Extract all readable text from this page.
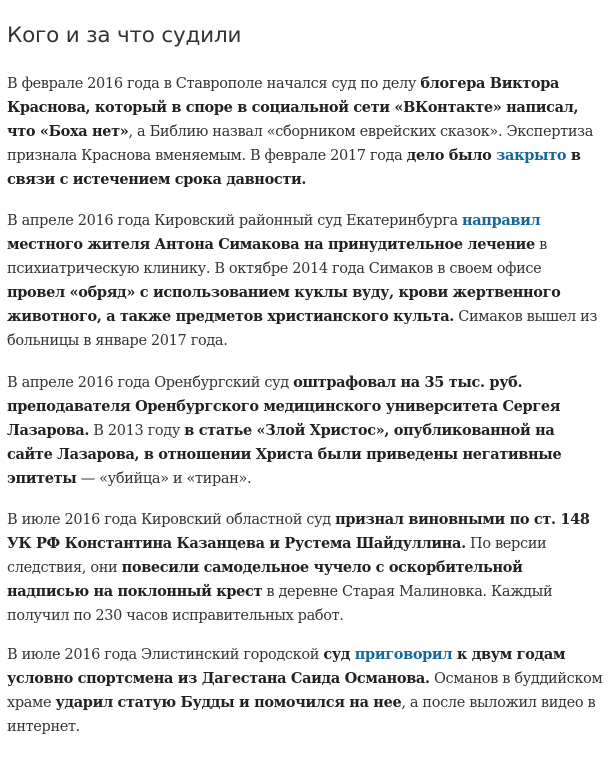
Кого и за что судили

В феврале 2016 года в Ставрополе начался суд по делу блогера Виктора Краснова, который в споре в социальной сети «ВКонтакте» написал, что «Боха нет», а Библию назвал «сборником еврейских сказок». Экспертиза признала Краснова вменяемым. В феврале 2017 года дело было закрыто в связи с истечением срока давности.

В апреле 2016 года Кировский районный суд Екатеринбурга направил местного жителя Антона Симакова на принудительное лечение в психиатрическую клинику. В октябре 2014 года Симаков в своем офисе провел «обряд» с использованием куклы вуду, крови жертвенного животного, а также предметов христианского культа. Симаков вышел из больницы в январе 2017 года.

В апреле 2016 года Оренбургский суд оштрафовал на 35 тыс. руб. преподавателя Оренбургского медицинского университета Сергея Лазарова. В 2013 году в статье «Злой Христос», опубликованной на сайте Лазарова, в отношении Христа были приведены негативные эпитеты — «убийца» и «тиран».

В июле 2016 года Кировский областной суд признал виновными по ст. 148 УК РФ Константина Казанцева и Рустема Шайдуллина. По версии следствия, они повесили самодельное чучело с оскорбительной надписью на поклонный крест в деревне Старая Малиновка. Каждый получил по 230 часов исправительных работ.

В июле 2016 года Элистинский городской суд приговорил к двум годам условно спортсмена из Дагестана Саида Османова. Османов в буддийском храме ударил статую Будды и помочился на нее, а после выложил видео в интернет.
